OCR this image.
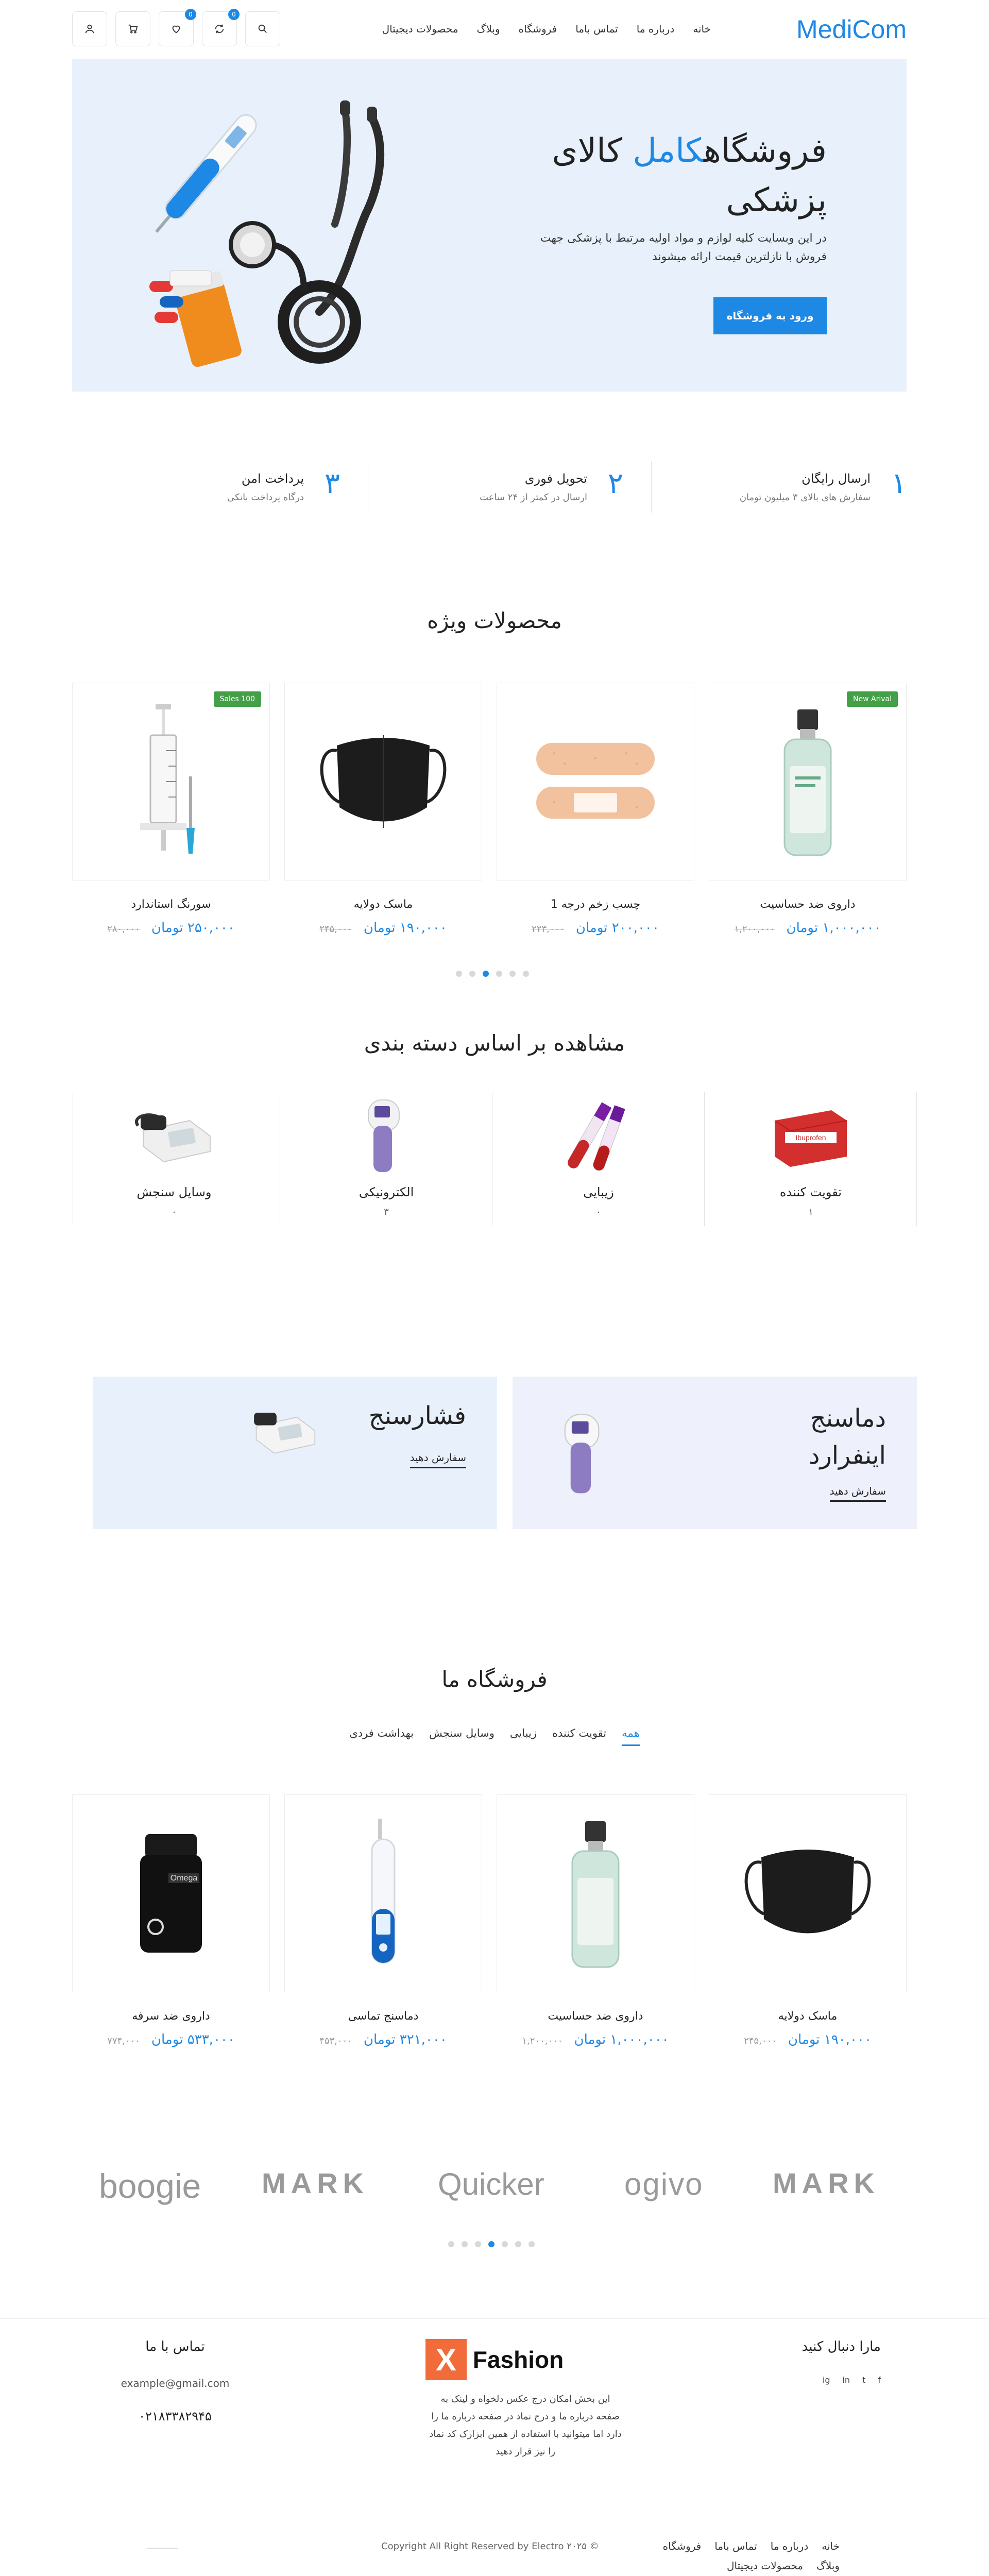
MediCom
خانه
درباره ما
تماس باما
فروشگاه
وبلاگ
محصولات دیجیتال
0	0
فروشگاهکامل کالای
پزشکی

در این وبسایت کلیه لوازم و مواد اولیه مرتبط با پزشکی جهت فروش با نازلترین قیمت ارائه میشوند

ورود به فروشگاه
۱
ارسال رایگان
سفارش های بالای ۳ میلیون تومان
۲
تحویل فوری
ارسال در کمتر از ۲۴ ساعت
۳
پرداخت امن
درگاه پرداخت بانکی
محصولات ویژه
New Arival
داروی ضد حساسیت
۱,۰۰۰,۰۰۰ تومان
۱,۲۰۰,۰۰۰
چسب زخم درجه 1
۲۰۰,۰۰۰ تومان
۲۲۳,۰۰۰
ماسک دولایه
۱۹۰,۰۰۰ تومان
۲۴۵,۰۰۰
Sales 100
سورنگ استاندارد
۲۵۰,۰۰۰ تومان
۲۸۰,۰۰۰
مشاهده بر اساس دسته بندی
Ibuprofen
تقویت کننده
۱
زیبایی
۰
الکترونیکی
۳
وسایل سنجش
۰
دماسنج اینفرارد
سفارش دهید
فشارسنج
سفارش دهید
فروشگاه ما
همه
تقویت کننده
زیبایی
وسایل سنجش
بهداشت فردی
ماسک دولایه
۱۹۰,۰۰۰ تومان
۲۴۵,۰۰۰
داروی ضد حساسیت
۱,۰۰۰,۰۰۰ تومان
۱,۲۰۰,۰۰۰
دماسنج تماسی
۳۲۱,۰۰۰ تومان
۴۵۳,۰۰۰
Omega
داروی ضد سرفه
۵۳۳,۰۰۰ تومان
۷۷۴,۰۰۰
MARK
ogivo
Quicker
MARK
boogie
مارا دنبال کنید
ig in t f
X Fashion

این بخش امکان درج عکس دلخواه و لینک به صفحه درباره ما و درج نماد در صفحه درباره ما را دارد اما میتوانید با استفاده از همین ابزارک کد نماد را نیز قرار دهید

تماس با ما
example@gmail.com
۰۲۱۸۳۳۸۲۹۴۵
خانه
درباره ما
تماس باما
فروشگاه
وبلاگ
محصولات دیجیتال
Copyright All Right Reserved by Electro ۲۰۲۵ ©
